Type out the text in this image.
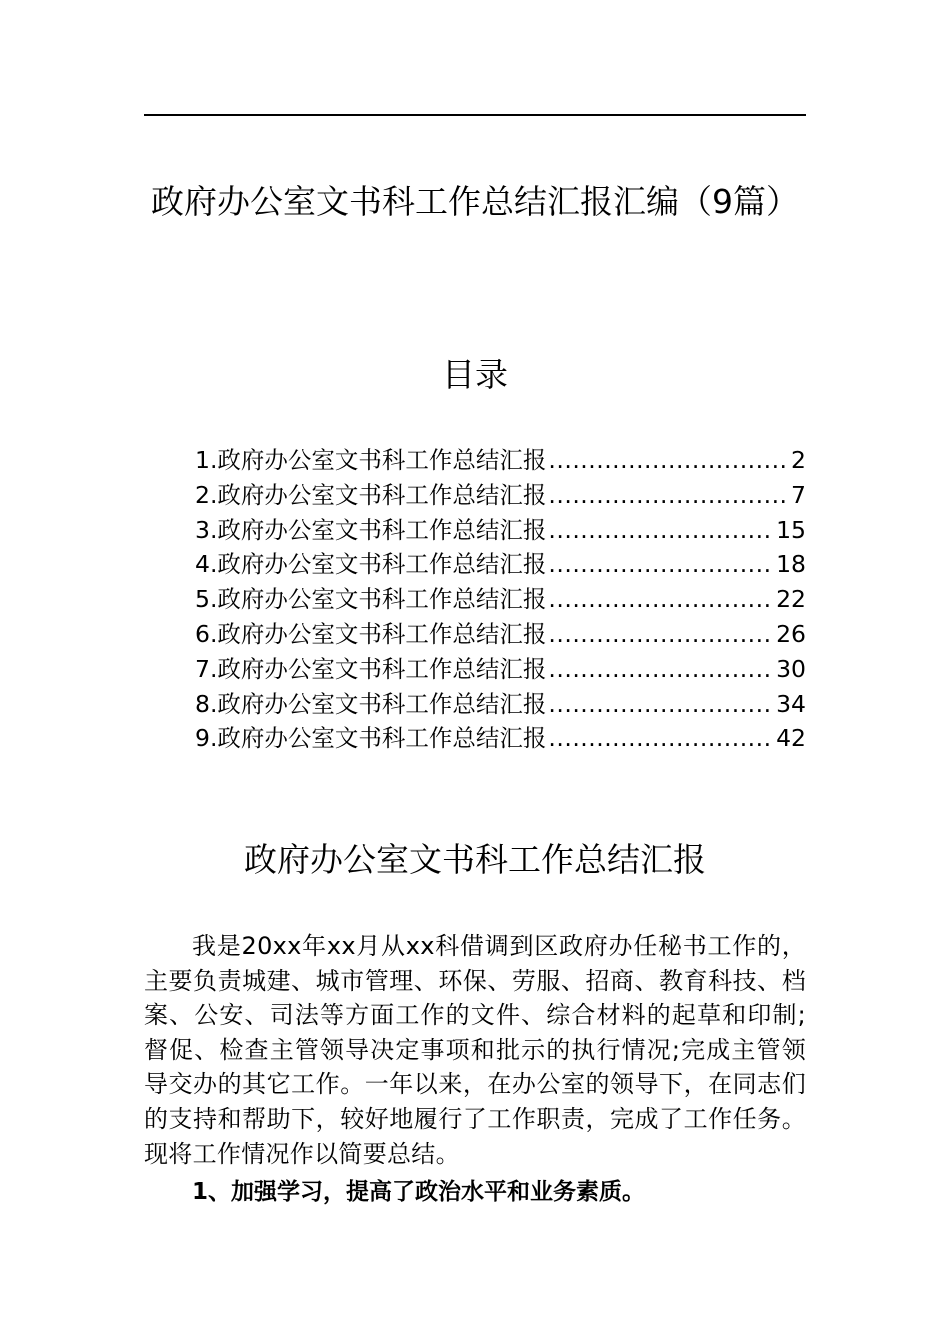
政府办公室文书科工作总结汇报汇编（9篇）
目录
1.政府办公室文书科工作总结汇报 .....	2
2.政府办公室文书科工作总结汇报 .....	7
3.政府办公室文书科工作总结汇报 .....	15
4.政府办公室文书科工作总结汇报 .....	18
5.政府办公室文书科工作总结汇报 .....	22
6.政府办公室文书科工作总结汇报 .....	26
7.政府办公室文书科工作总结汇报 .....	30
8.政府办公室文书科工作总结汇报 .....	34
9.政府办公室文书科工作总结汇报 .....	42
政府办公室文书科工作总结汇报
我是20xx年xx月从xx科借调到区政府办任秘书工作的，主要负责城建、城市管理、环保、劳服、招商、教育科技、档案、公安、司法等方面工作的文件、综合材料的起草和印制;督促、检查主管领导决定事项和批示的执行情况;完成主管领导交办的其它工作。一年以来，在办公室的领导下，在同志们的支持和帮助下，较好地履行了工作职责，完成了工作任务。现将工作情况作以简要总结。
1、加强学习，提高了政治水平和业务素质。
